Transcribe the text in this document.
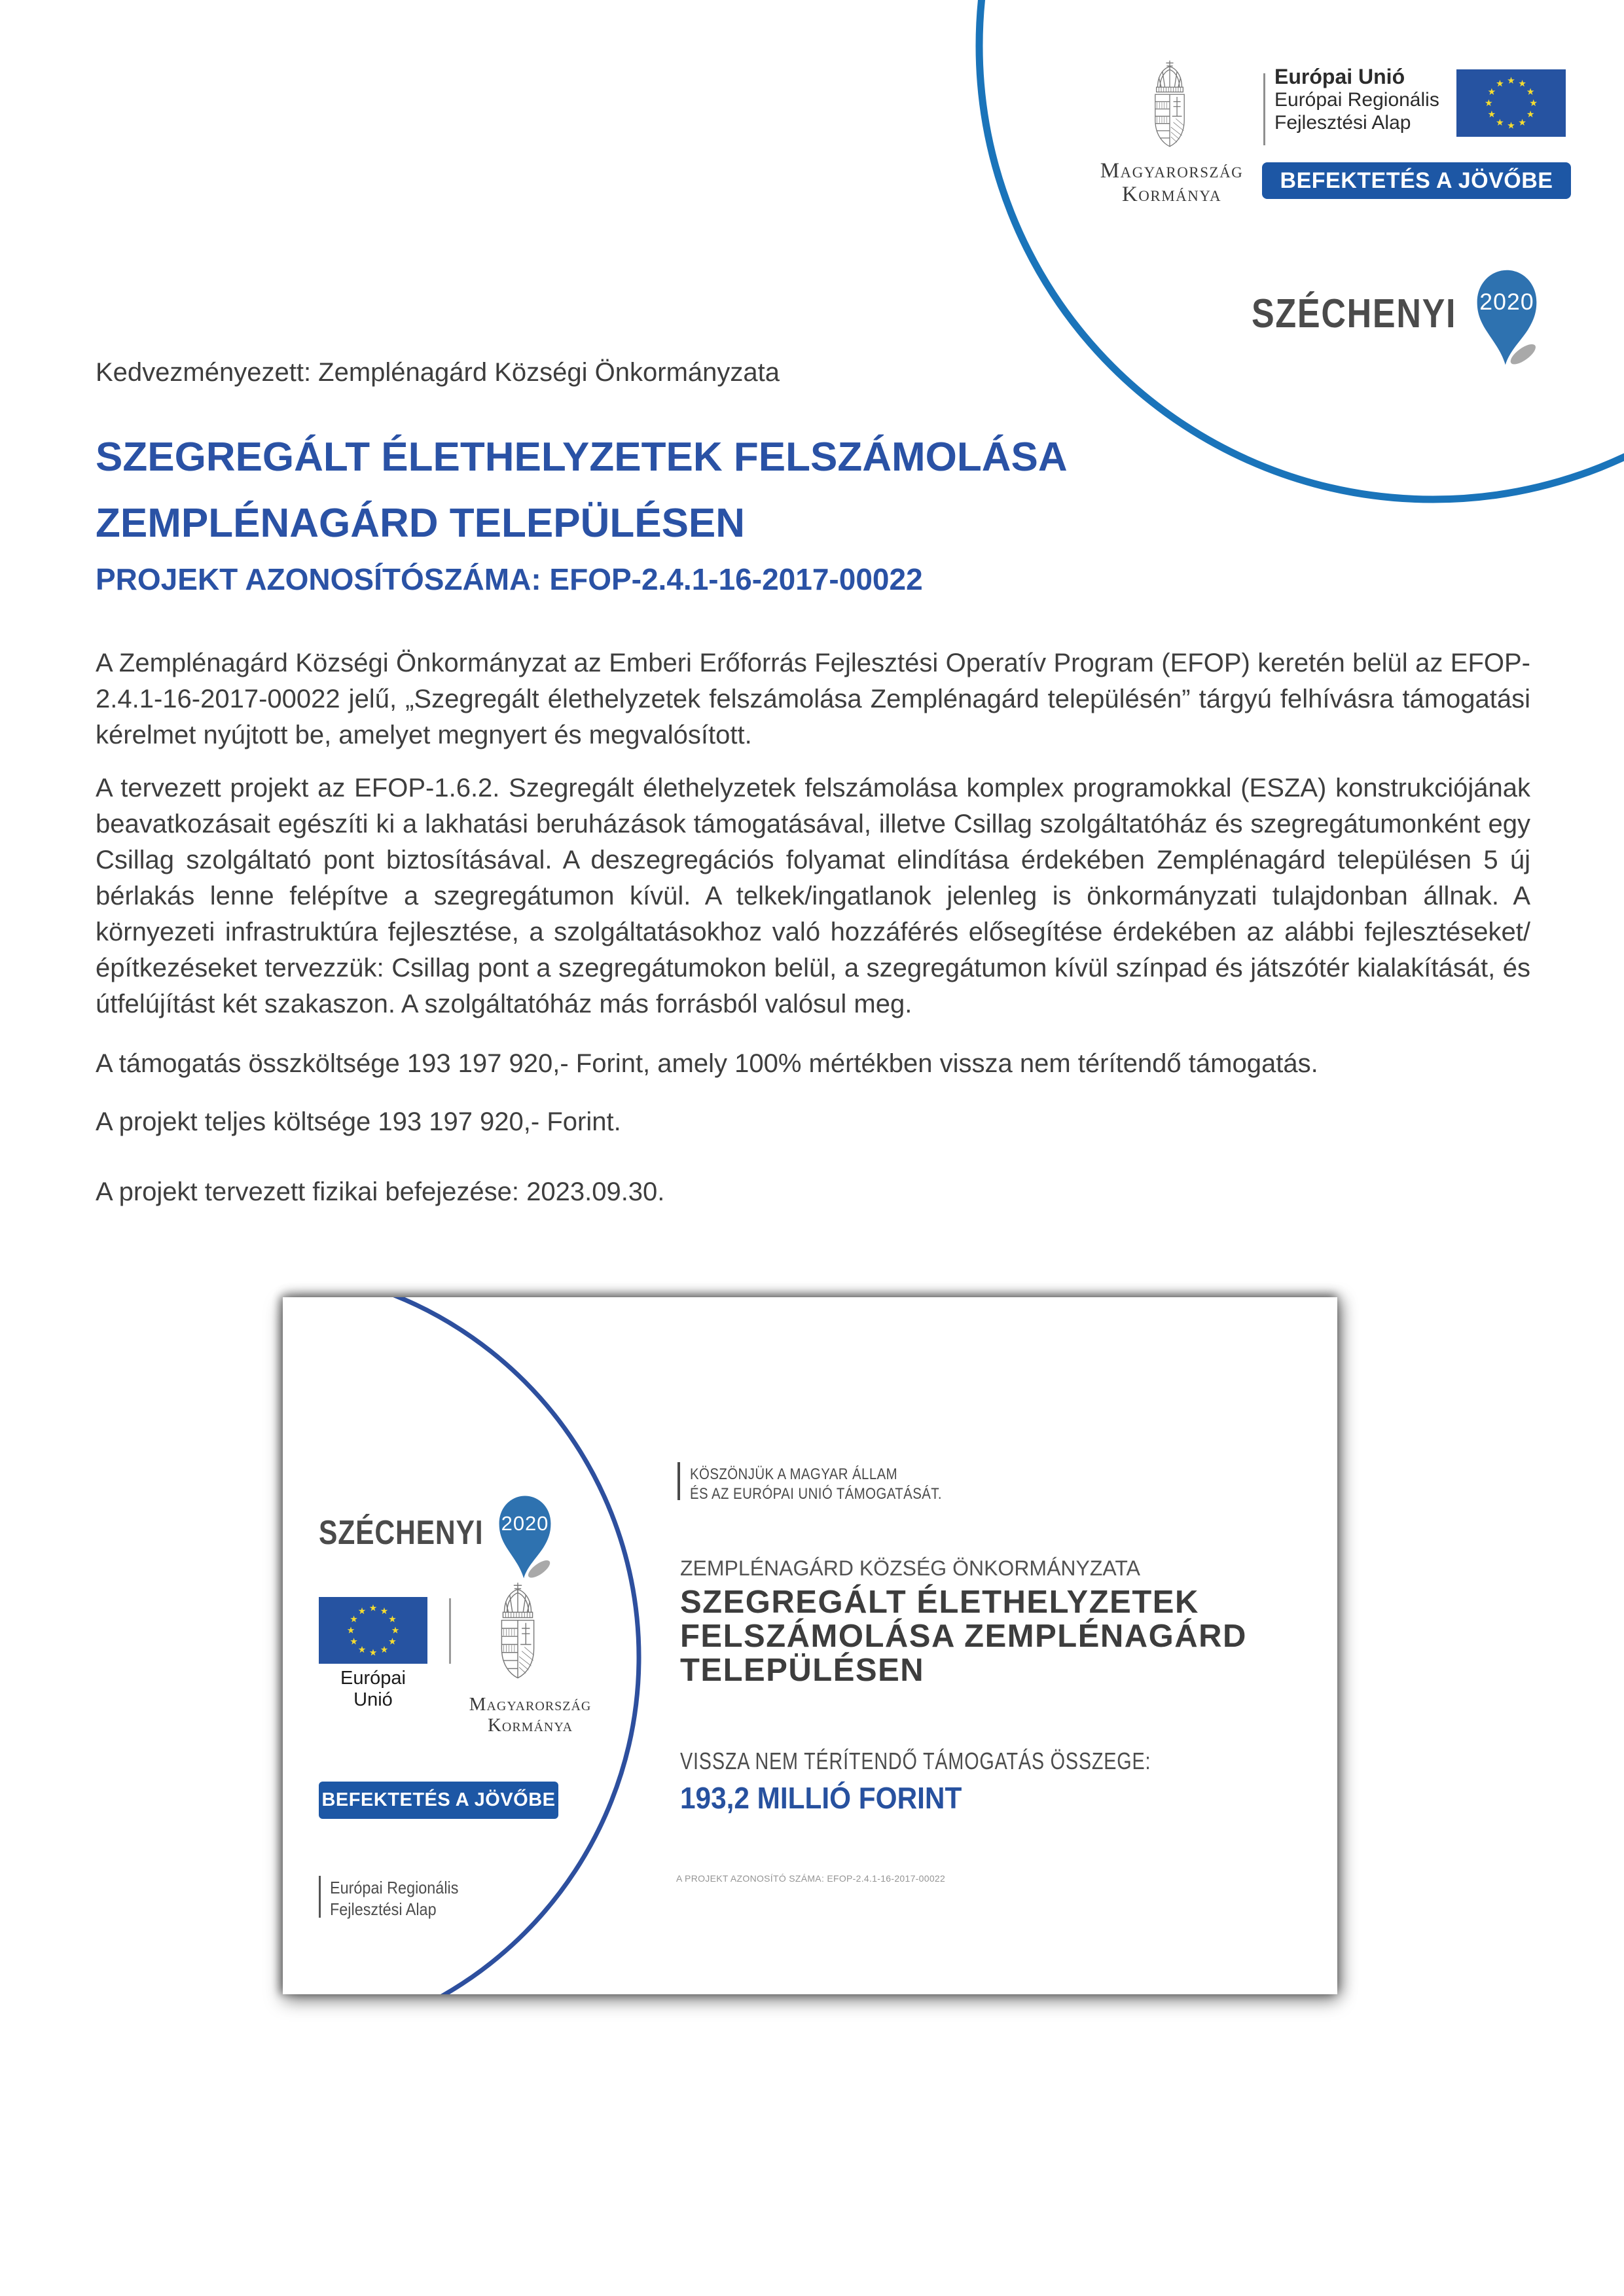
Magyarország
Kormánya
Európai Unió
Európai Regionális
Fejlesztési Alap
BEFEKTETÉS A JÖVŐBE
SZÉCHENYI
Kedvezményezett: Zemplénagárd Községi Önkormányzata
SZEGREGÁLT ÉLETHELYZETEK FELSZÁMOLÁSA
ZEMPLÉNAGÁRD TELEPÜLÉSEN
PROJEKT AZONOSÍTÓSZÁMA: EFOP-2.4.1-16-2017-00022

A Zemplénagárd Községi Önkormányzat az Emberi Erőforrás Fejlesztési Operatív Program (EFOP) keretén belül az EFOP-2.4.1-16-2017-00022 jelű, „Szegregált élethelyzetek felszámolása Zemplénagárd településén” tárgyú felhívásra támogatási kérelmet nyújtott be, amelyet megnyert és megvalósított.

A tervezett projekt az EFOP-1.6.2. Szegregált élethelyzetek felszámolása komplex programokkal (ESZA) konstrukciójának beavatkozásait egészíti ki a lakhatási beruházások támogatásával, illetve Csillag szolgáltatóház és szegregátumonként egy Csillag szolgáltató pont biztosításával. A deszegregációs folyamat elindítása érdekében Zemplénagárd településen 5 új bérlakás lenne felépítve a szegregátumon kívül. A telkek/ingatlanok jelenleg is önkormányzati tulajdonban állnak. A környezeti infrastruktúra fejlesztése, a szolgáltatásokhoz való hozzáférés elősegítése érdekében az alábbi fejlesztéseket/ építkezéseket tervezzük: Csillag pont a szegregátumokon belül, a szegregátumon kívül színpad és játszótér kialakítását, és útfelújítást két szakaszon. A szolgáltatóház más forrásból valósul meg.

A támogatás összköltsége 193 197 920,- Forint, amely 100% mértékben vissza nem térítendő támogatás.

A projekt teljes költsége 193 197 920,- Forint.

A projekt tervezett fizikai befejezése: 2023.09.30.

SZÉCHENYI
Európai Unió	Magyarország
Kormánya
BEFEKTETÉS A JÖVŐBE
Európai Regionális
Fejlesztési Alap
KÖSZÖNJÜK A MAGYAR ÁLLAM
ÉS AZ EURÓPAI UNIÓ TÁMOGATÁSÁT.
ZEMPLÉNAGÁRD KÖZSÉG ÖNKORMÁNYZATA
SZEGREGÁLT ÉLETHELYZETEK
FELSZÁMOLÁSA ZEMPLÉNAGÁRD
TELEPÜLÉSEN
VISSZA NEM TÉRÍTENDŐ TÁMOGATÁS ÖSSZEGE:
193,2 MILLIÓ FORINT
A PROJEKT AZONOSÍTÓ SZÁMA: EFOP-2.4.1-16-2017-00022
